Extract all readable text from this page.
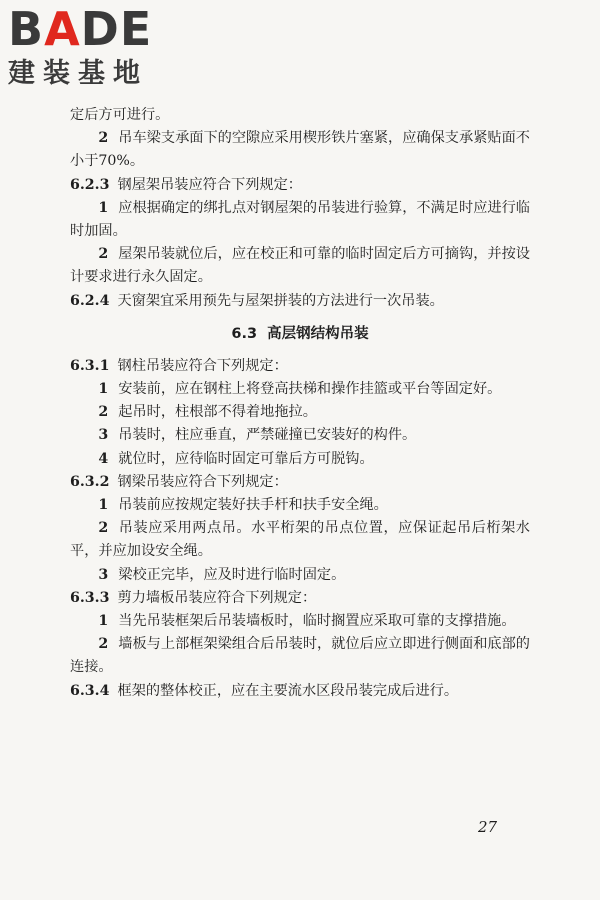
BADE
建装基地

定后方可进行。

2 吊车梁支承面下的空隙应采用楔形铁片塞紧，应确保支承紧贴面不小于70%。

6.2.3 钢屋架吊装应符合下列规定：

1 应根据确定的绑扎点对钢屋架的吊装进行验算，不满足时应进行临时加固。

2 屋架吊装就位后，应在校正和可靠的临时固定后方可摘钩，并按设计要求进行永久固定。

6.2.4 天窗架宜采用预先与屋架拼装的方法进行一次吊装。

6.3 高层钢结构吊装

6.3.1 钢柱吊装应符合下列规定：

1 安装前，应在钢柱上将登高扶梯和操作挂篮或平台等固定好。

2 起吊时，柱根部不得着地拖拉。

3 吊装时，柱应垂直，严禁碰撞已安装好的构件。

4 就位时，应待临时固定可靠后方可脱钩。

6.3.2 钢梁吊装应符合下列规定：

1 吊装前应按规定装好扶手杆和扶手安全绳。

2 吊装应采用两点吊。水平桁架的吊点位置，应保证起吊后桁架水平，并应加设安全绳。

3 梁校正完毕，应及时进行临时固定。

6.3.3 剪力墙板吊装应符合下列规定：

1 当先吊装框架后吊装墙板时，临时搁置应采取可靠的支撑措施。

2 墙板与上部框架梁组合后吊装时，就位后应立即进行侧面和底部的连接。

6.3.4 框架的整体校正，应在主要流水区段吊装完成后进行。

27
